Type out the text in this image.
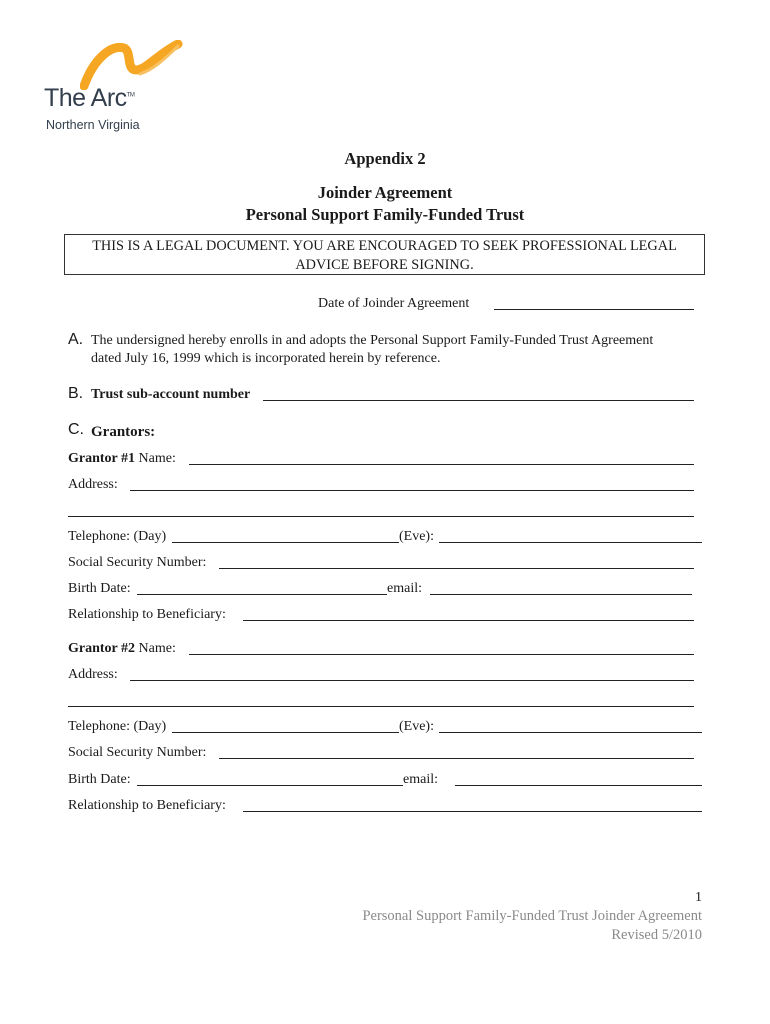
The Arc™
Northern Virginia
Appendix 2
Joinder Agreement
Personal Support Family-Funded Trust
THIS IS A LEGAL DOCUMENT. YOU ARE ENCOURAGED TO SEEK PROFESSIONAL LEGAL ADVICE BEFORE SIGNING.
Date of Joinder Agreement
A. The undersigned hereby enrolls in and adopts the Personal Support Family-Funded Trust Agreement
dated July 16, 1999 which is incorporated herein by reference.
B. Trust sub-account number
C. Grantors:
Grantor #1 Name:
Address:
Telephone: (Day)	(Eve):
Social Security Number:
Birth Date:	email:
Relationship to Beneficiary:
Grantor #2 Name:
Address:
Telephone: (Day)	(Eve):
Social Security Number:
Birth Date:	email:
Relationship to Beneficiary:
1
Personal Support Family-Funded Trust Joinder Agreement
Revised 5/2010
